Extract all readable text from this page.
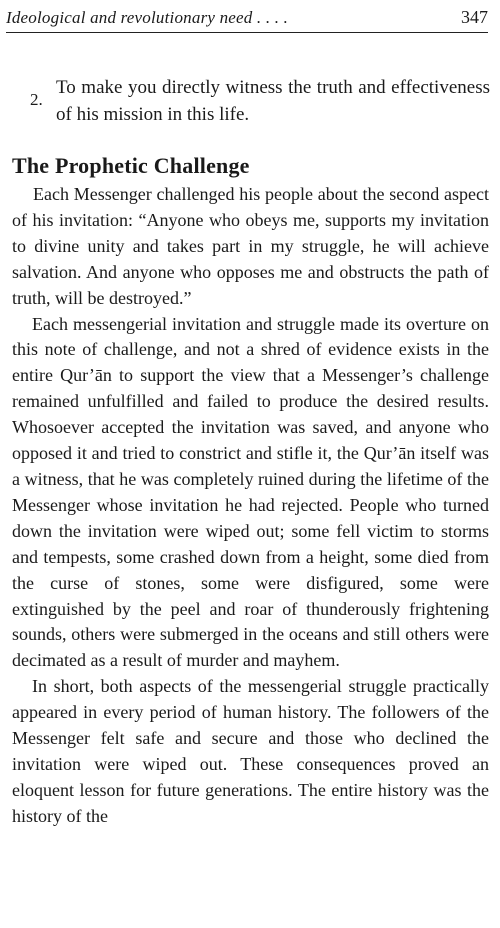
Ideological and revolutionary need . . . .	347
2.
To make you directly witness the truth and effectiveness of his mission in this life.
The Prophetic Challenge

Each Messenger challenged his people about the second aspect of his invitation: “Anyone who obeys me, supports my invitation to divine unity and takes part in my struggle, he will achieve salvation. And anyone who opposes me and obstructs the path of truth, will be destroyed.”

Each messengerial invitation and struggle made its overture on this note of challenge, and not a shred of evidence exists in the entire Qur’ān to support the view that a Messenger’s challenge remained unfulfilled and failed to produce the desired results. Whosoever accepted the invitation was saved, and anyone who opposed it and tried to constrict and stifle it, the Qur’ān itself was a witness, that he was completely ruined during the lifetime of the Messenger whose invitation he had rejected. People who turned down the invitation were wiped out; some fell victim to storms and tempests, some crashed down from a height, some died from the curse of stones, some were disfigured, some were extinguished by the peel and roar of thunderously frightening sounds, others were submerged in the oceans and still others were decimated as a result of murder and mayhem.

In short, both aspects of the messengerial struggle practically appeared in every period of human history. The followers of the Messenger felt safe and secure and those who declined the invitation were wiped out. These consequences proved an eloquent lesson for future generations. The entire history was the history of the
